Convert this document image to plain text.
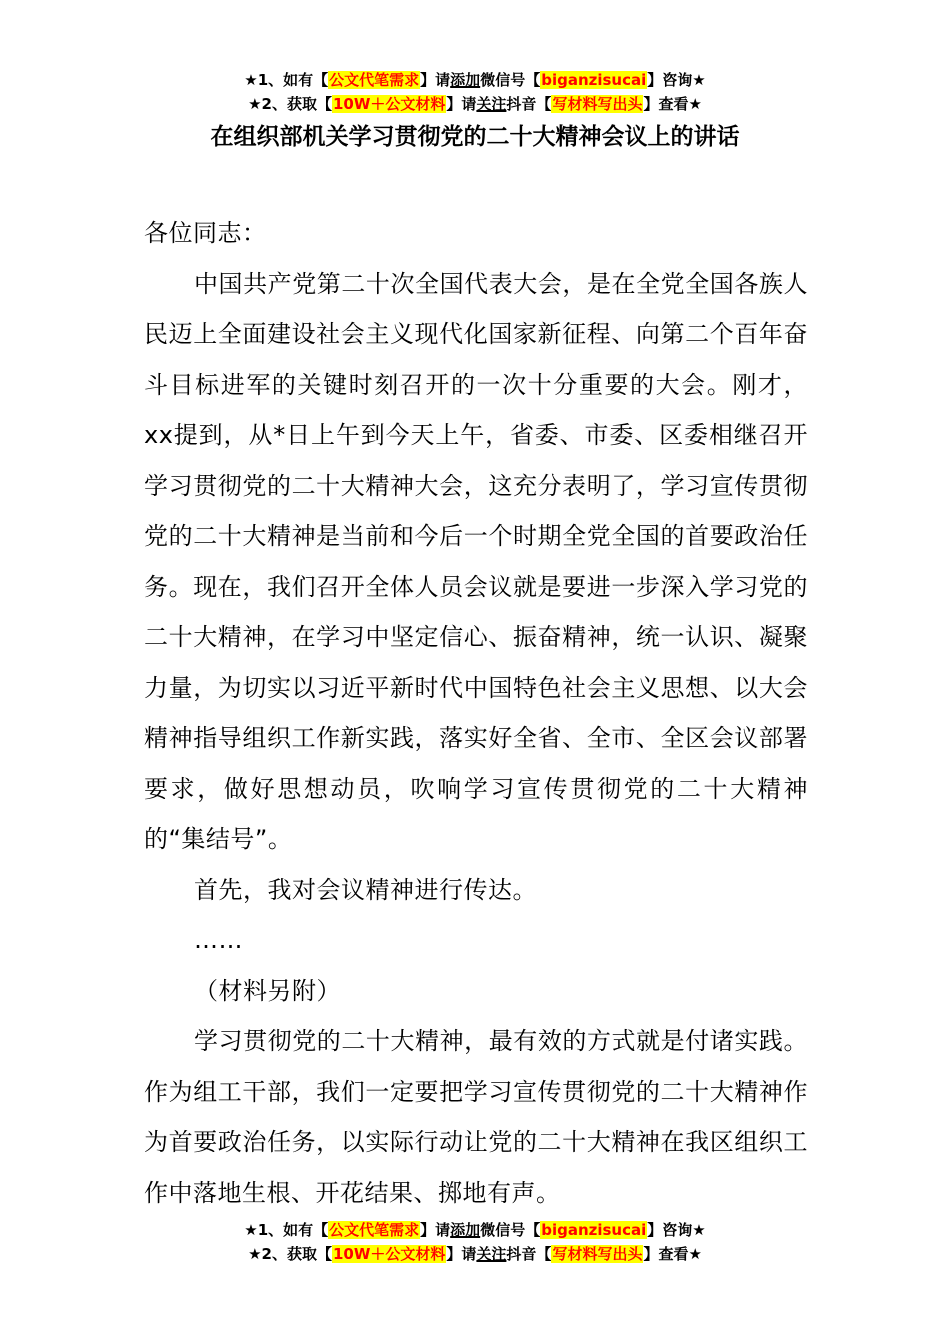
★1、如有【公文代笔需求】请添加微信号【biganzisucai】咨询★
★2、获取【10W＋公文材料】请关注抖音【写材料写出头】查看★
在组织部机关学习贯彻党的二十大精神会议上的讲话

各位同志：

中国共产党第二十次全国代表大会，是在全党全国各族人民迈上全面建设社会主义现代化国家新征程、向第二个百年奋斗目标进军的关键时刻召开的一次十分重要的大会。刚才，xx提到，从*日上午到今天上午，省委、市委、区委相继召开学习贯彻党的二十大精神大会，这充分表明了，学习宣传贯彻党的二十大精神是当前和今后一个时期全党全国的首要政治任务。现在，我们召开全体人员会议就是要进一步深入学习党的二十大精神，在学习中坚定信心、振奋精神，统一认识、凝聚力量，为切实以习近平新时代中国特色社会主义思想、以大会精神指导组织工作新实践，落实好全省、全市、全区会议部署要求，做好思想动员，吹响学习宣传贯彻党的二十大精神的“集结号”。

首先，我对会议精神进行传达。

……

（材料另附）

学习贯彻党的二十大精神，最有效的方式就是付诸实践。作为组工干部，我们一定要把学习宣传贯彻党的二十大精神作为首要政治任务，以实际行动让党的二十大精神在我区组织工作中落地生根、开花结果、掷地有声。

★1、如有【公文代笔需求】请添加微信号【biganzisucai】咨询★
★2、获取【10W＋公文材料】请关注抖音【写材料写出头】查看★
